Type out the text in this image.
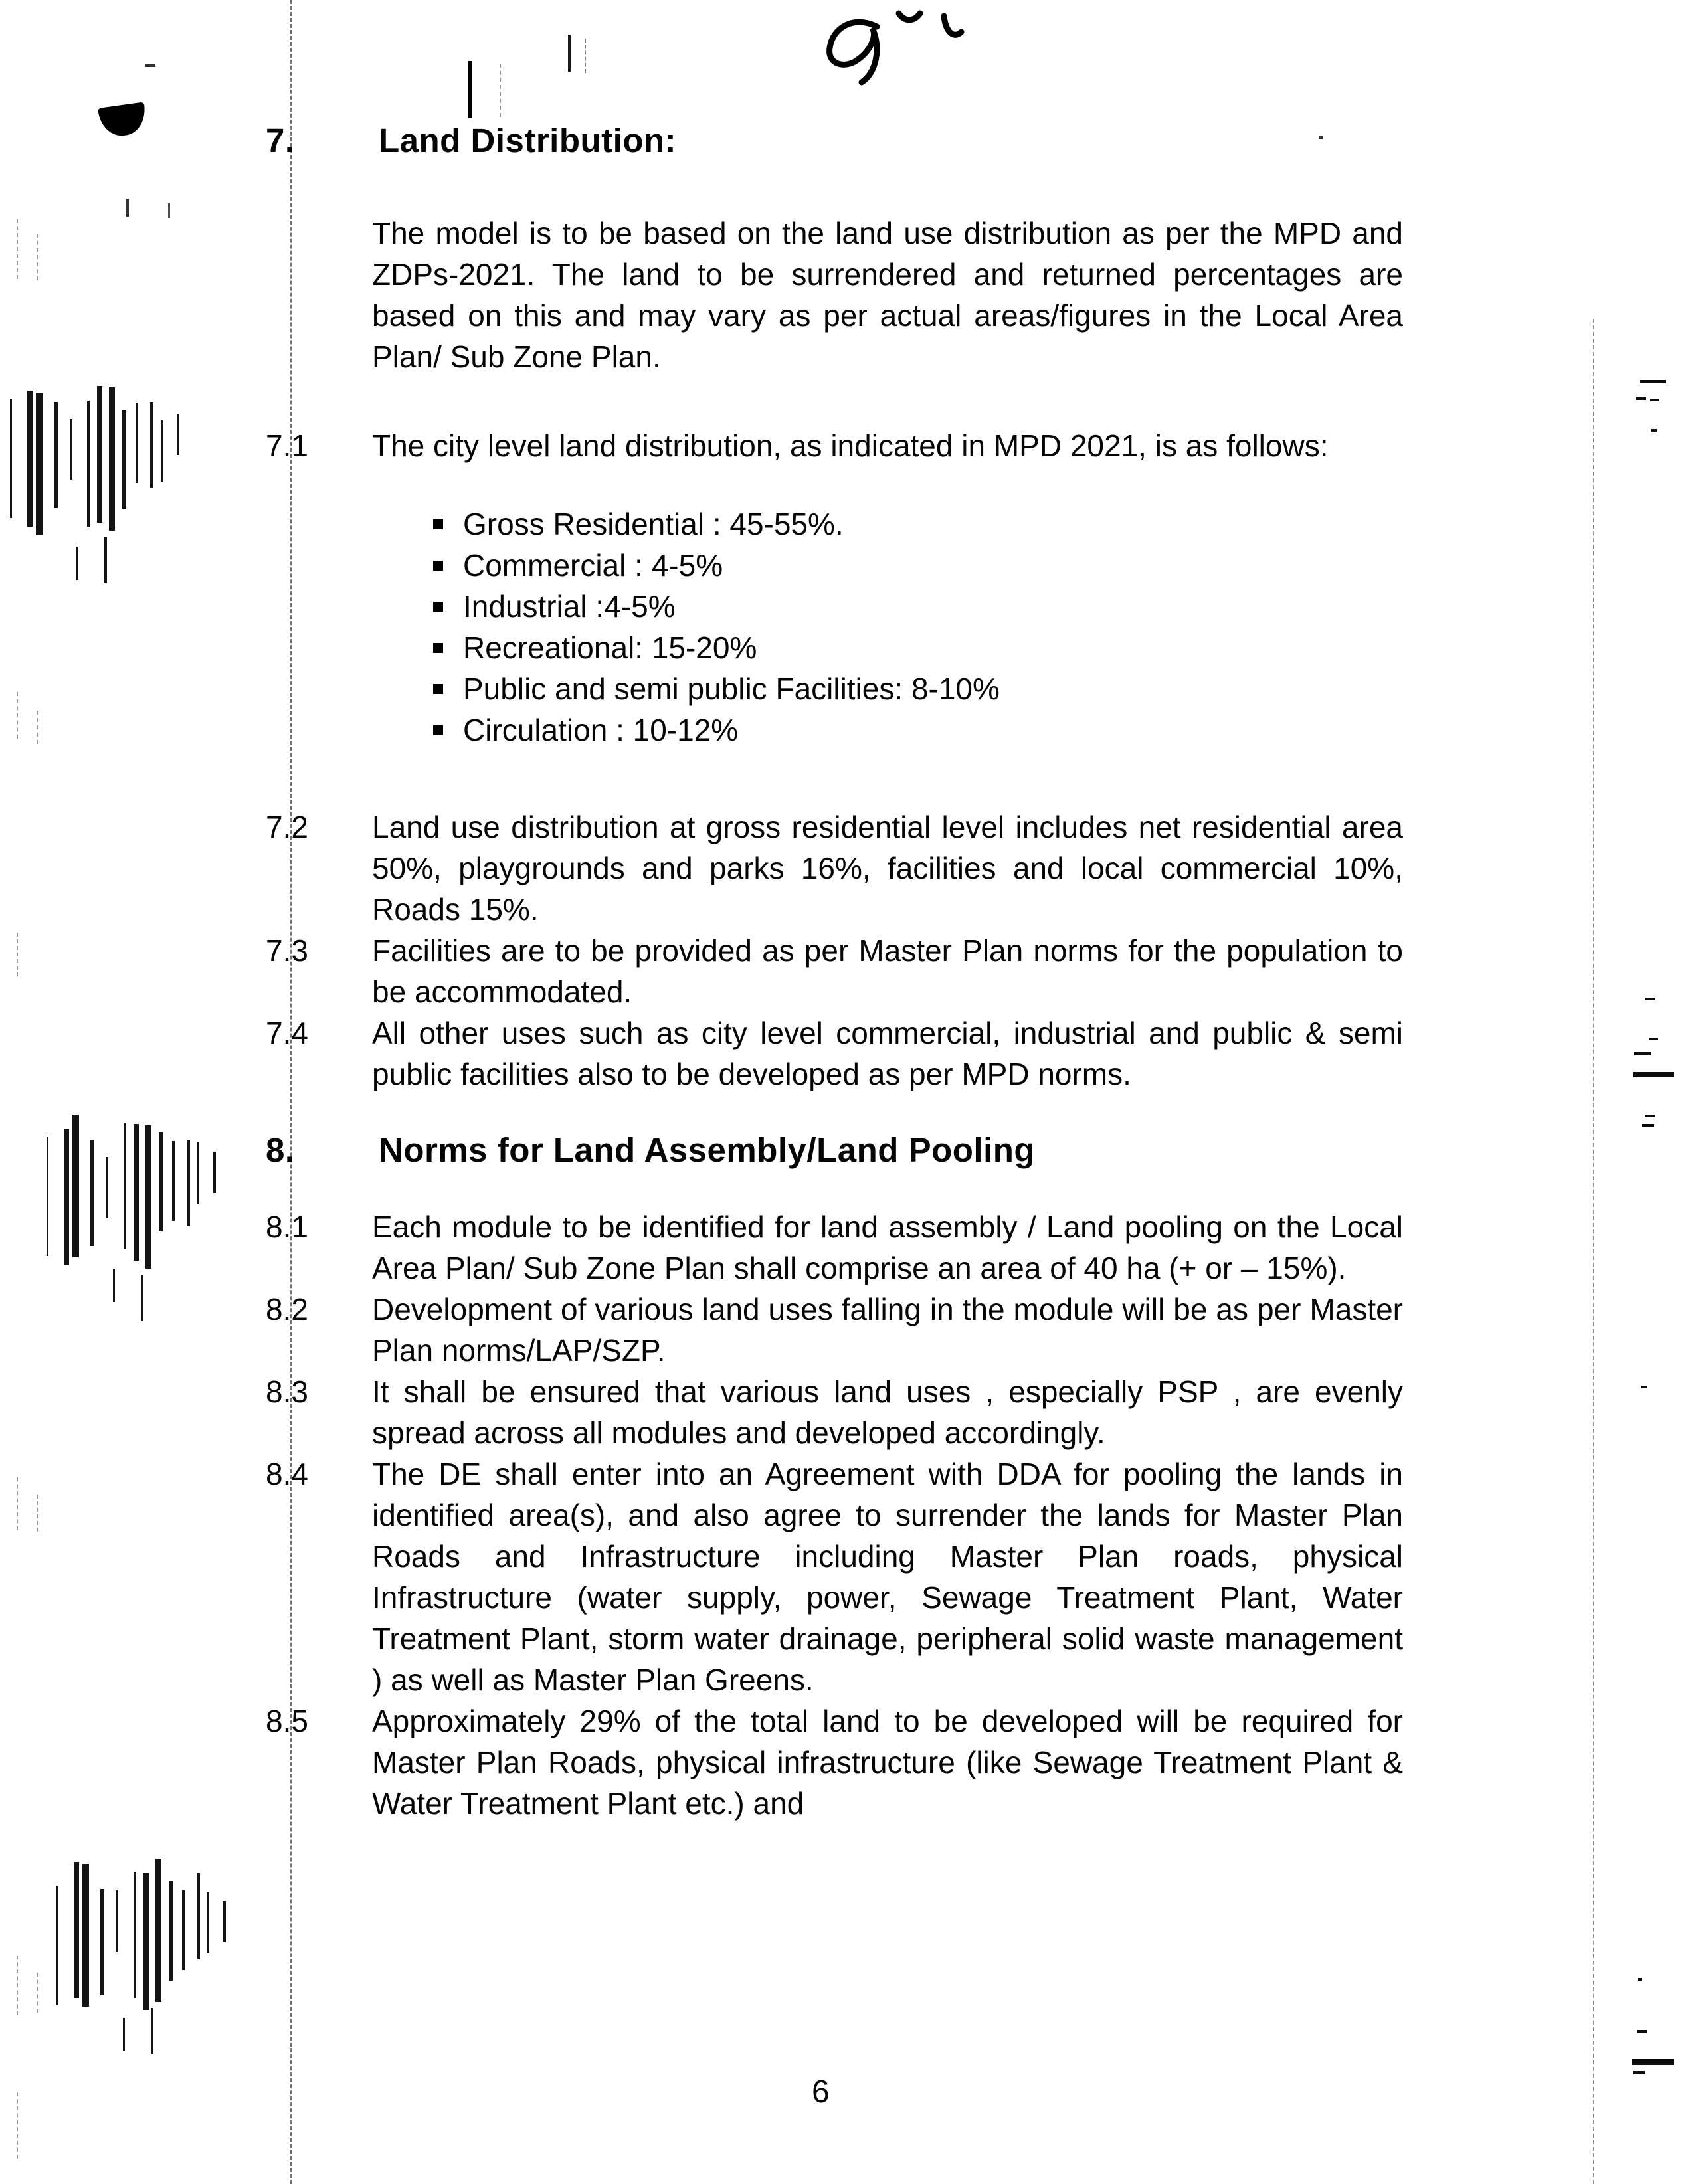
7.	Land Distribution:

The model is to be based on the land use distribution as per the MPD and ZDPs-2021. The land to be surrendered and returned percentages are based on this and may vary as per actual areas/figures in the Local Area Plan/ Sub Zone Plan.

7.1	The city level land distribution, as indicated in MPD 2021, is as follows:
Gross Residential : 45-55%.
Commercial : 4-5%
Industrial :4-5%
Recreational: 15-20%
Public and semi public Facilities: 8-10%
Circulation : 10-12%
7.2	Land use distribution at gross residential level includes net residential area 50%, playgrounds and parks 16%, facilities and local commercial 10%, Roads 15%.
7.3	Facilities are to be provided as per Master Plan norms for the population to be accommodated.
7.4	All other uses such as city level commercial, industrial and public & semi public facilities also to be developed as per MPD norms.
8.	Norms for Land Assembly/Land Pooling
8.1	Each module to be identified for land assembly / Land pooling on the Local Area Plan/ Sub Zone Plan shall comprise an area of 40 ha (+ or – 15%).
8.2	Development of various land uses falling in the module will be as per Master Plan norms/LAP/SZP.
8.3	It shall be ensured that various land uses , especially PSP , are evenly spread across all modules and developed accordingly.
8.4	The DE shall enter into an Agreement with DDA for pooling the lands in identified area(s), and also agree to surrender the lands for Master Plan Roads and Infrastructure including Master Plan roads, physical Infrastructure (water supply, power, Sewage Treatment Plant, Water Treatment Plant, storm water drainage, peripheral solid waste management ) as well as Master Plan Greens.
8.5	Approximately 29% of the total land to be developed will be required for Master Plan Roads, physical infrastructure (like Sewage Treatment Plant & Water Treatment Plant etc.) and
6
